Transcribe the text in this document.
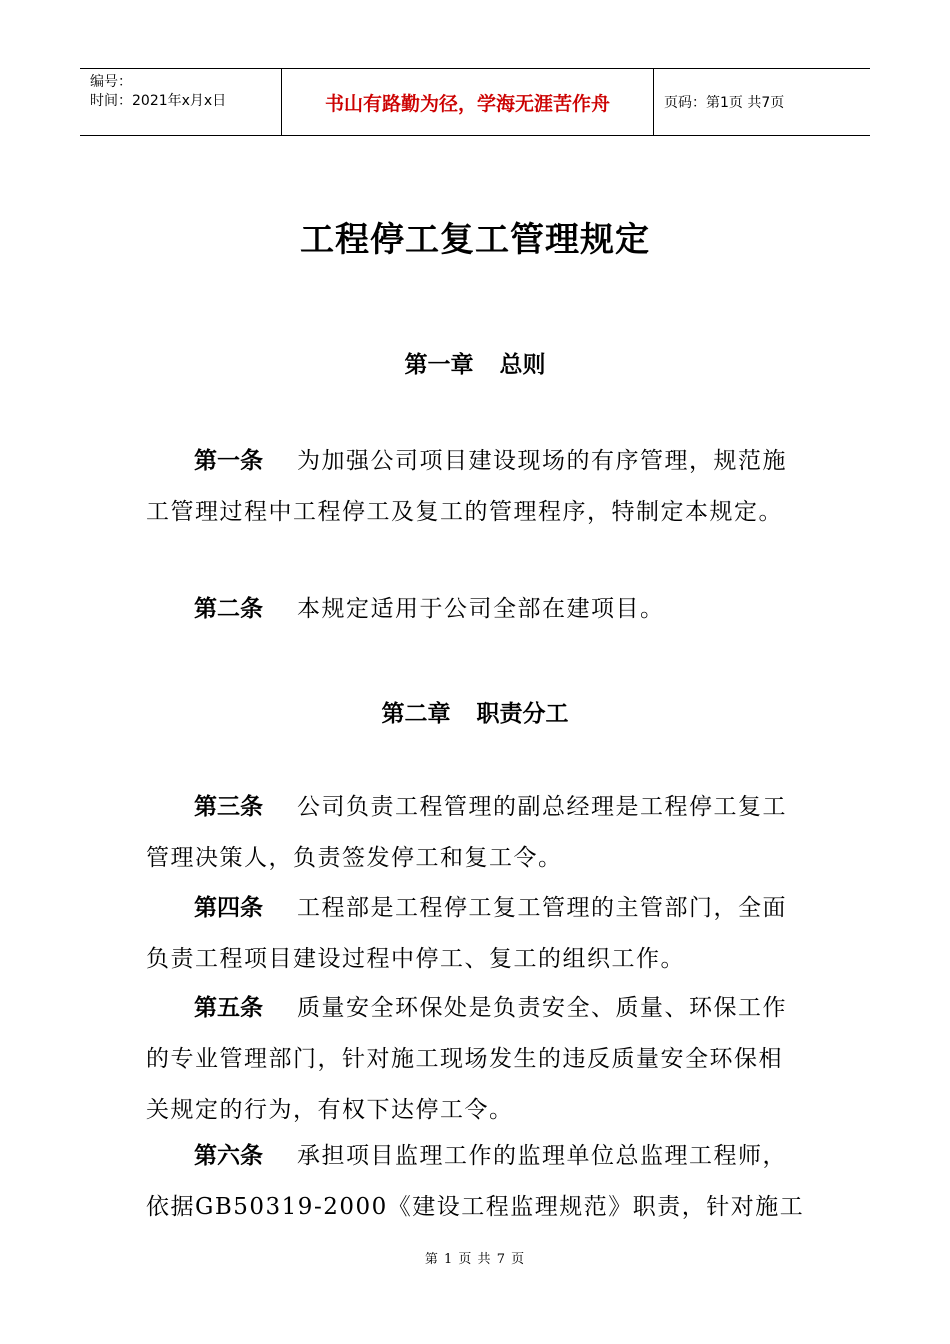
编号：
时间：2021年x月x日	书山有路勤为径，学海无涯苦作舟	页码：第1页 共7页
工程停工复工管理规定
第一章 总则
第一条 为加强公司项目建设现场的有序管理，规范施工管理过程中工程停工及复工的管理程序，特制定本规定。
第二条 本规定适用于公司全部在建项目。
第二章 职责分工
第三条 公司负责工程管理的副总经理是工程停工复工管理决策人，负责签发停工和复工令。
第四条 工程部是工程停工复工管理的主管部门，全面负责工程项目建设过程中停工、复工的组织工作。
第五条 质量安全环保处是负责安全、质量、环保工作的专业管理部门，针对施工现场发生的违反质量安全环保相关规定的行为，有权下达停工令。
第六条 承担项目监理工作的监理单位总监理工程师，依据GB50319-2000《建设工程监理规范》职责，针对施工
第 1 页 共 7 页
